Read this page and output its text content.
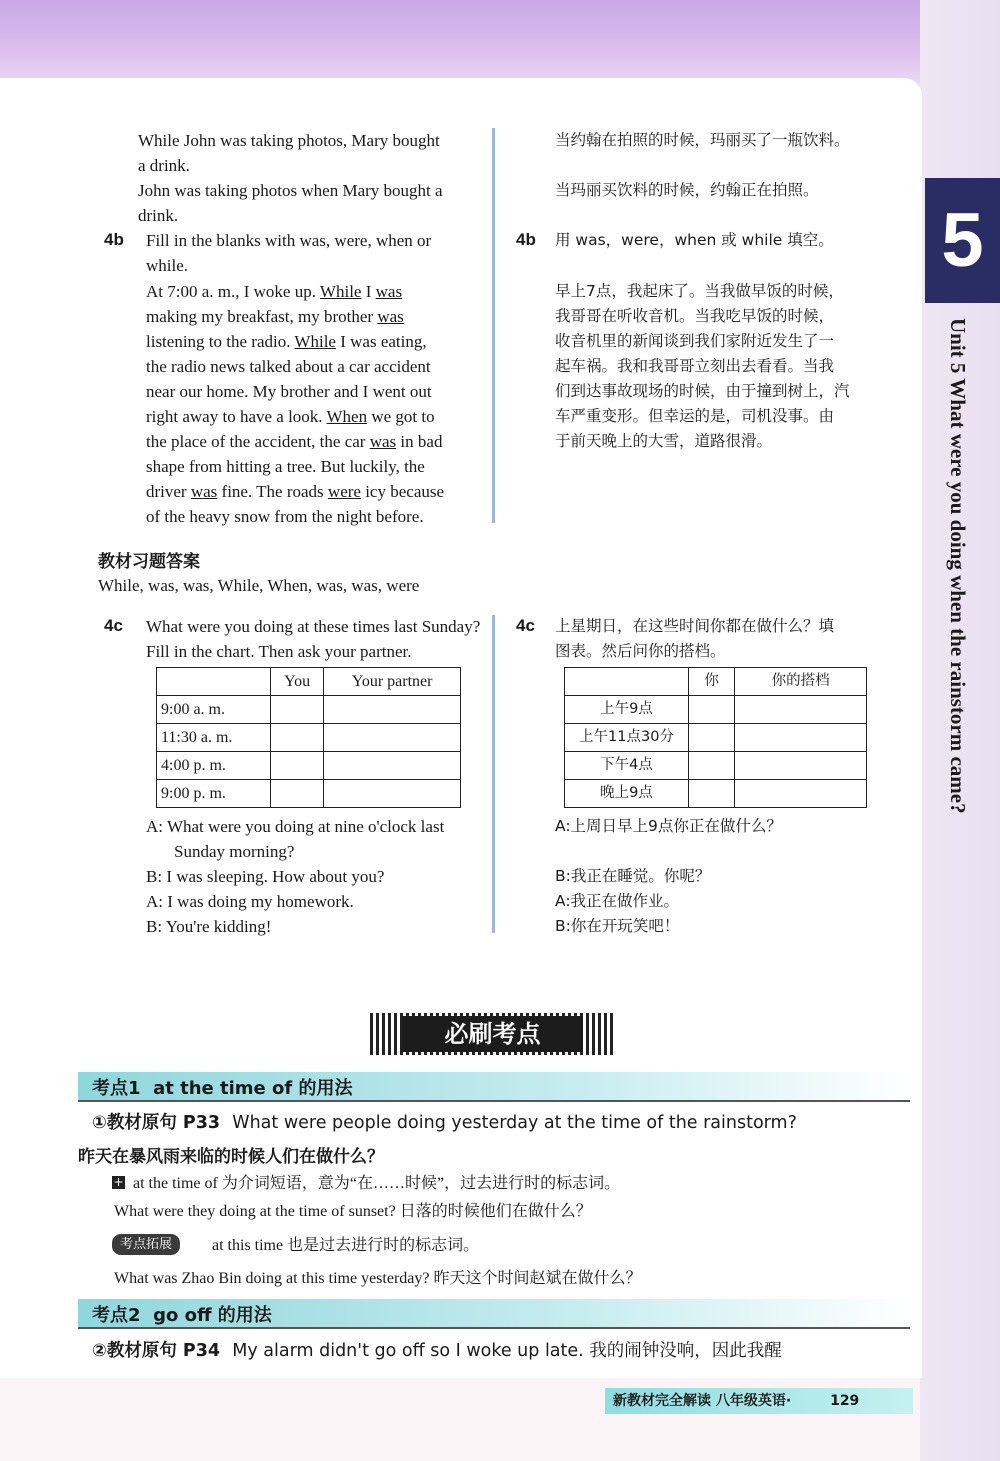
5
Unit 5 What were you doing when the rainstorm came?
While John was taking photos, Mary bought
a drink.
John was taking photos when Mary bought a
drink.
当约翰在拍照的时候，玛丽买了一瓶饮料。
当玛丽买饮料的时候，约翰正在拍照。
4b Fill in the blanks with was, were, when or
while.
At 7:00 a. m., I woke up. While I was
making my breakfast, my brother was
listening to the radio. While I was eating,
the radio news talked about a car accident
near our home. My brother and I went out
right away to have a look. When we got to
the place of the accident, the car was in bad
shape from hitting a tree. But luckily, the
driver was fine. The roads were icy because
of the heavy snow from the night before.
4b 用 was，were，when 或 while 填空。
早上7点，我起床了。当我做早饭的时候，
我哥哥在听收音机。当我吃早饭的时候，
收音机里的新闻谈到我们家附近发生了一
起车祸。我和我哥哥立刻出去看看。当我
们到达事故现场的时候，由于撞到树上，汽
车严重变形。但幸运的是，司机没事。由
于前天晚上的大雪，道路很滑。
教材习题答案
While, was, was, While, When, was, was, were
4c What were you doing at these times last Sunday?
Fill in the chart. Then ask your partner.
	You	Your partner
9:00 a. m.		
11:30 a. m.		
4:00 p. m.		
9:00 p. m.		
A: What were you doing at nine o'clock last
Sunday morning?
B: I was sleeping. How about you?
A: I was doing my homework.
B: You're kidding!
4c 上星期日，在这些时间你都在做什么？填
图表。然后问你的搭档。
	你	你的搭档
上午9点		
上午11点30分		
下午4点		
晚上9点		
A:上周日早上9点你正在做什么？
B:我正在睡觉。你呢？
A:我正在做作业。
B:你在开玩笑吧！
必刷考点
考点1 at the time of 的用法
①教材原句 P33 What were people doing yesterday at the time of the rainstorm?
昨天在暴风雨来临的时候人们在做什么？
+ at the time of 为介词短语，意为“在……时候”，过去进行时的标志词。
What were they doing at the time of sunset? 日落的时候他们在做什么？
考点拓展	at this time 也是过去进行时的标志词。
What was Zhao Bin doing at this time yesterday? 昨天这个时间赵斌在做什么？
考点2 go off 的用法
②教材原句 P34 My alarm didn't go off so I woke up late. 我的闹钟没响，因此我醒
新教材完全解读 八年级英语·	129
